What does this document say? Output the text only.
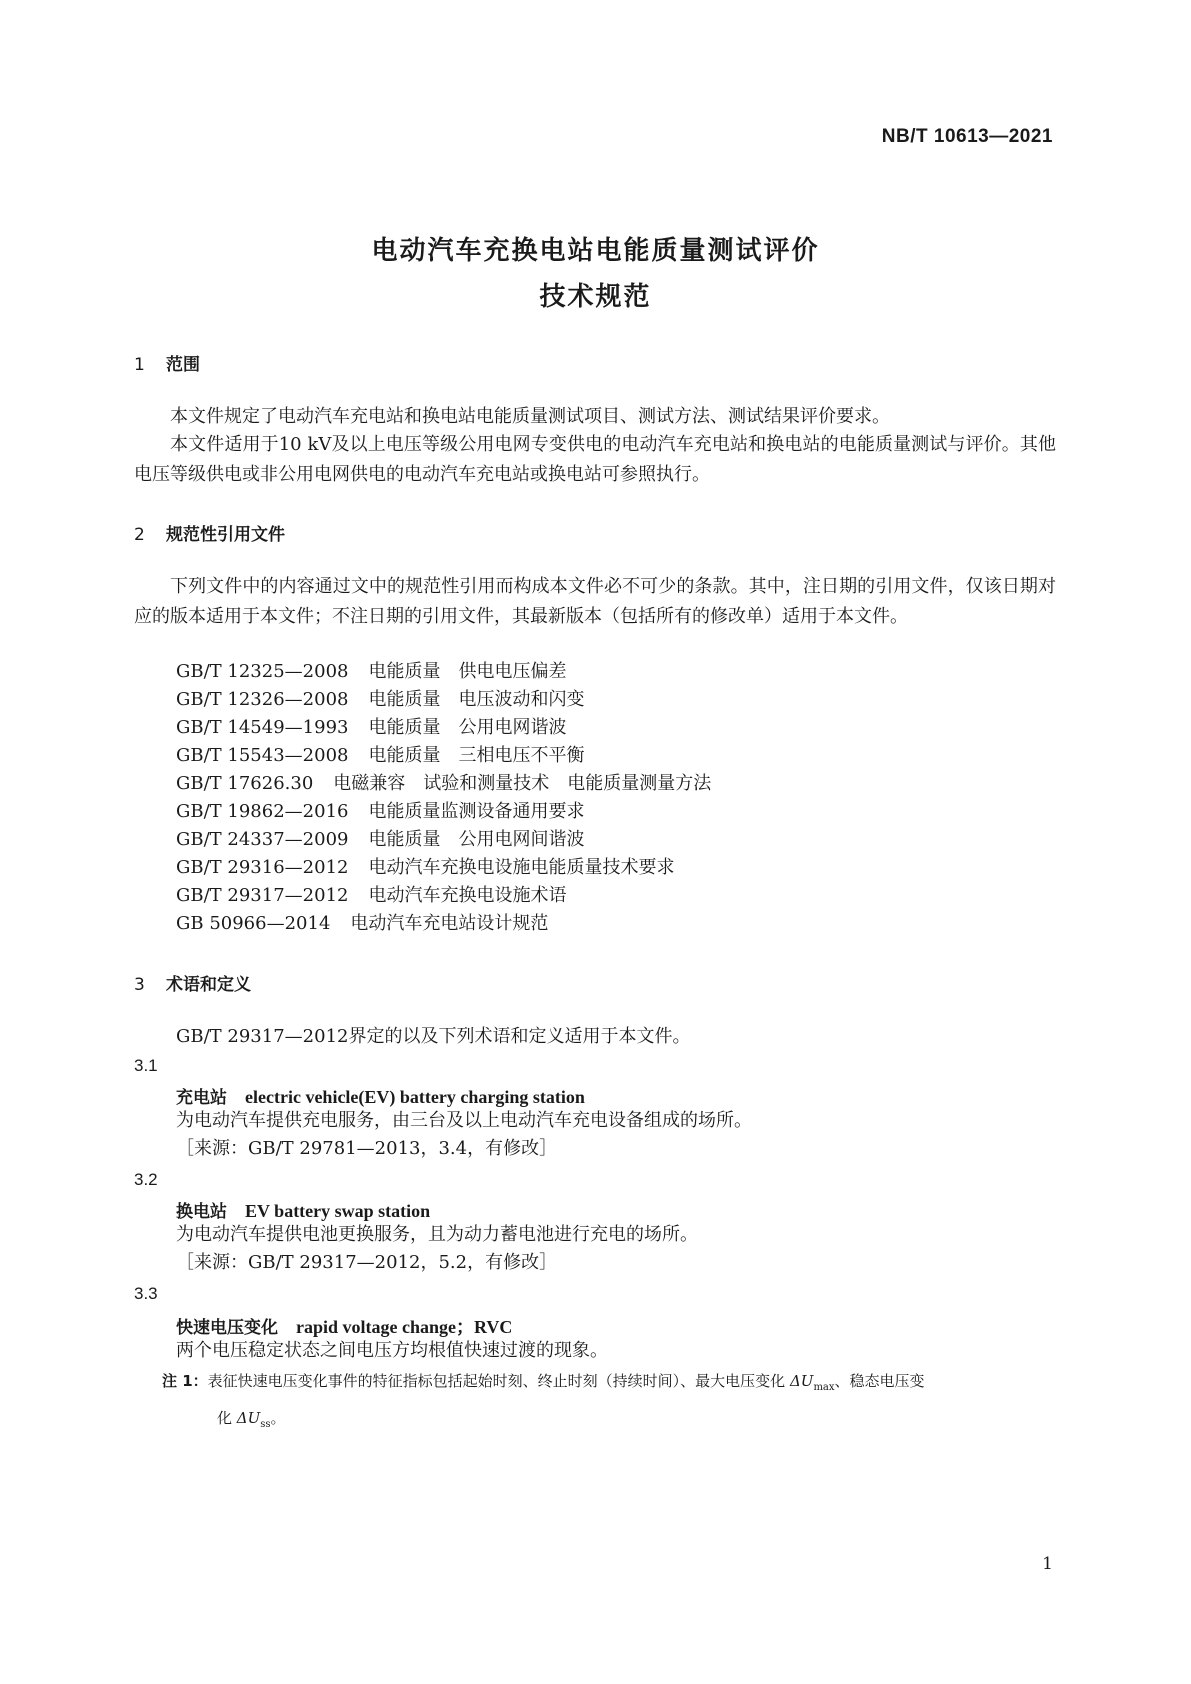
NB/T 10613—2021
电动汽车充换电站电能质量测试评价
技术规范
1 范围
本文件规定了电动汽车充电站和换电站电能质量测试项目、测试方法、测试结果评价要求。
本文件适用于10 kV及以上电压等级公用电网专变供电的电动汽车充电站和换电站的电能质量测试与评价。其他电压等级供电或非公用电网供电的电动汽车充电站或换电站可参照执行。
2 规范性引用文件
下列文件中的内容通过文中的规范性引用而构成本文件必不可少的条款。其中，注日期的引用文件，仅该日期对应的版本适用于本文件；不注日期的引用文件，其最新版本（包括所有的修改单）适用于本文件。
GB/T 12325—2008 电能质量　供电电压偏差
GB/T 12326—2008 电能质量　电压波动和闪变
GB/T 14549—1993 电能质量　公用电网谐波
GB/T 15543—2008 电能质量　三相电压不平衡
GB/T 17626.30 电磁兼容　试验和测量技术　电能质量测量方法
GB/T 19862—2016 电能质量监测设备通用要求
GB/T 24337—2009 电能质量　公用电网间谐波
GB/T 29316—2012 电动汽车充换电设施电能质量技术要求
GB/T 29317—2012 电动汽车充换电设施术语
GB 50966—2014 电动汽车充电站设计规范
3 术语和定义
GB/T 29317—2012界定的以及下列术语和定义适用于本文件。
3.1
充电站 electric vehicle(EV) battery charging station
为电动汽车提供充电服务，由三台及以上电动汽车充电设备组成的场所。
［来源：GB/T 29781—2013，3.4，有修改］
3.2
换电站 EV battery swap station
为电动汽车提供电池更换服务，且为动力蓄电池进行充电的场所。
［来源：GB/T 29317—2012，5.2，有修改］
3.3
快速电压变化 rapid voltage change；RVC
两个电压稳定状态之间电压方均根值快速过渡的现象。
注 1：表征快速电压变化事件的特征指标包括起始时刻、终止时刻（持续时间）、最大电压变化 $\Delta U_{max}$、稳态电压变
化 $\Delta U_{ss}$。
1
